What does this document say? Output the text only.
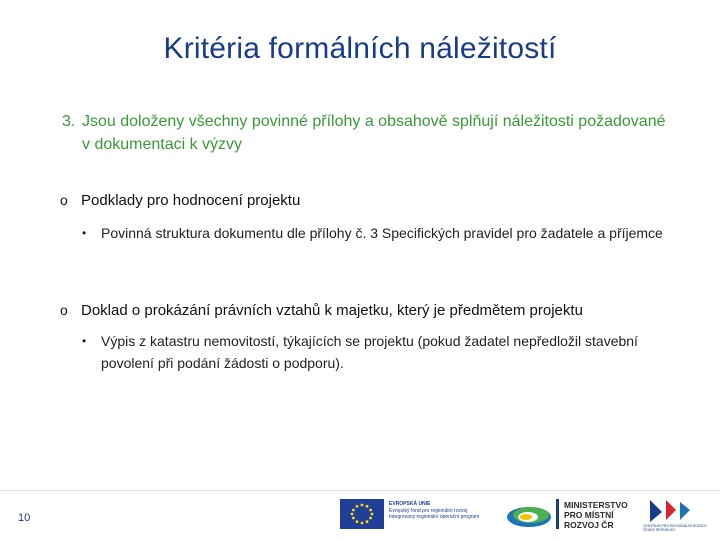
Kritéria formálních náležitostí
3. Jsou doloženy všechny povinné přílohy a obsahově splňují náležitosti požadované v dokumentaci k výzvy
o Podklady pro hodnocení projektu
•	Povinná struktura dokumentu dle přílohy č. 3 Specifických pravidel pro žadatele a příjemce
o Doklad o prokázání právních vztahů k majetku, který je předmětem projektu
•	Výpis z katastru nemovitostí, týkajících se projektu (pokud žadatel nepředložil stavební povolení při podání žádosti o podporu).
10
EVROPSKÁ UNIE
Evropský fond pro regionální rozvoj
Integrovaný regionální operační program
MINISTERSTVO
PRO MÍSTNÍ
ROZVOJ ČR	CENTRUM PRO REGIONÁLNÍ ROZVOJ
ČESKÉ REPUBLIKY
